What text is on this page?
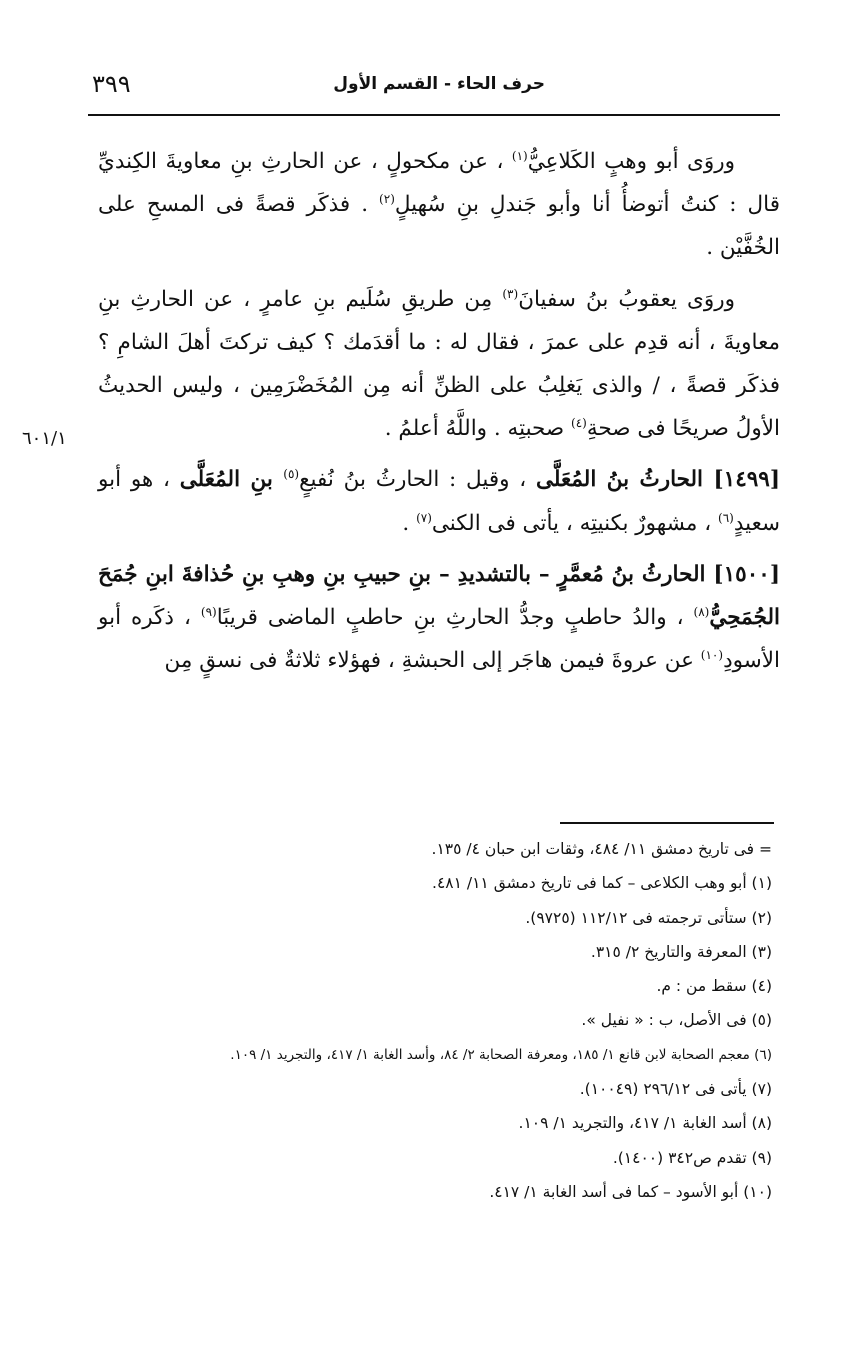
٣٩٩	حرف الحاء - القسم الأول
٦٠١/١

وروَى أبو وهبٍ الكَلاعِيُّ$^{(١)}$ ، عن مكحولٍ ، عن الحارثِ بنِ معاويةَ الكِنديِّ قال : كنتُ أتوضأُ أنا وأبو جَندلِ بنِ سُهيلٍ$^{(٢)}$ . فذكَر قصةً فى المسحِ على الخُفَّيْن .

وروَى يعقوبُ بنُ سفيانَ$^{(٣)}$ مِن طريقِ سُلَيم بنِ عامرٍ ، عن الحارثِ بنِ معاويةَ ، أنه قدِم على عمرَ ، فقال له : ما أقدَمك ؟ كيف تركتَ أهلَ الشامِ ؟ فذكَر قصةً ، / والذى يَغلِبُ على الظنِّ أنه مِن المُخَضْرَمِين ، وليس الحديثُ الأولُ صريحًا فى صحةِ$^{(٤)}$ صحبتِه . واللَّهُ أعلمُ .

[١٤٩٩] الحارثُ بنُ المُعَلَّى ، وقيل : الحارثُ بنُ نُفيعٍ$^{(٥)}$ بنِ المُعَلَّى ، هو أبو سعيدٍ$^{(٦)}$ ، مشهورٌ بكنيتِه ، يأتى فى الكنى$^{(٧)}$ .

[١٥٠٠] الحارثُ بنُ مُعمَّرٍ – بالتشديدِ – بنِ حبيبِ بنِ وهبِ بنِ حُذافةَ ابنِ جُمَحَ الجُمَحِيُّ$^{(٨)}$ ، والدُ حاطبٍ وجدُّ الحارثِ بنِ حاطبٍ الماضى قريبًا$^{(٩)}$ ، ذكَره أبو الأسودِ$^{(١٠)}$ عن عروةَ فيمن هاجَر إلى الحبشةِ ، فهؤلاء ثلاثةٌ فى نسقٍ مِن

= فى تاريخ دمشق ١١/ ٤٨٤، وثقات ابن حبان ٤/ ١٣٥.
(١) أبو وهب الكلاعى – كما فى تاريخ دمشق ١١/ ٤٨١.
(٢) ستأتى ترجمته فى ١١٢/١٢ (٩٧٢٥).
(٣) المعرفة والتاريخ ٢/ ٣١٥.
(٤) سقط من : م.
(٥) فى الأصل، ب : « نفيل ».
(٦) معجم الصحابة لابن قانع ١/ ١٨٥، ومعرفة الصحابة ٢/ ٨٤، وأسد الغابة ١/ ٤١٧، والتجريد ١/ ١٠٩.
(٧) يأتى فى ٢٩٦/١٢ (١٠٠٤٩).
(٨) أسد الغابة ١/ ٤١٧، والتجريد ١/ ١٠٩.
(٩) تقدم ص٣٤٢ (١٤٠٠).
(١٠) أبو الأسود – كما فى أسد الغابة ١/ ٤١٧.
